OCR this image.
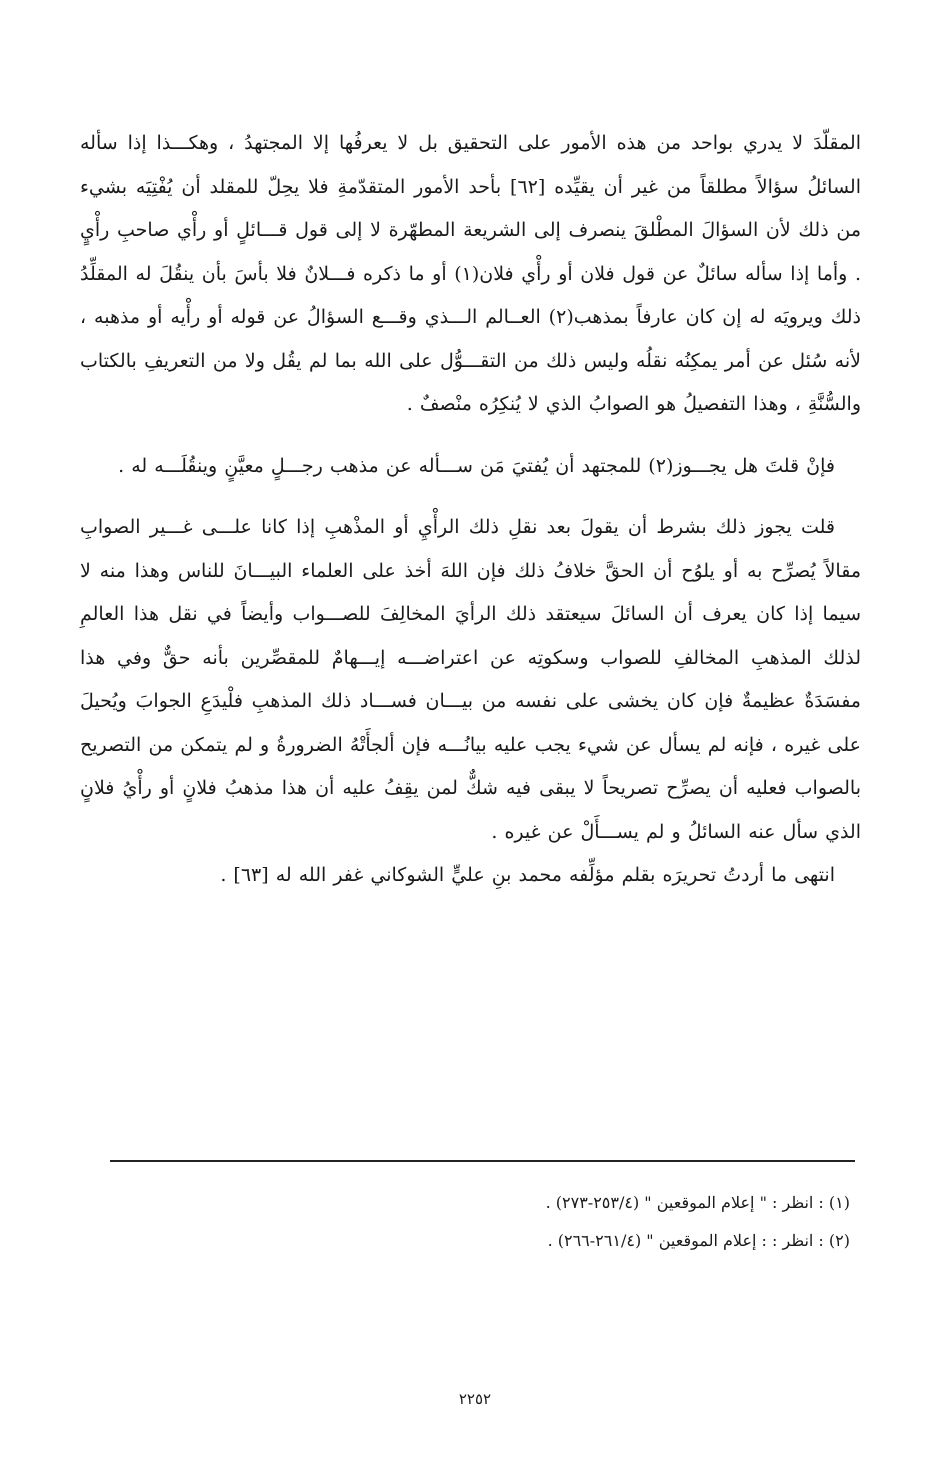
المقلّدَ لا يدري بواحد من هذه الأمور على التحقيق بل لا يعرفُها إلا المجتهدُ ، وهكـــذا إذا سأله السائلُ سؤالاً مطلقاً من غير أن يقيِّده [٦٢] بأحد الأمور المتقدّمةِ فلا يحِلّ للمقلد أن يُفْتِيَه بشيء من ذلك لأن السؤالَ المطْلقَ ينصرف إلى الشريعة المطهّرة لا إلى قول قـــائلٍ أو رأْي صاحبِ رأْيٍ . وأما إذا سأله سائلٌ عن قول فلان أو رأْي فلان(١) أو ما ذكره فـــلانٌ فلا بأسَ بأن ينقُلَ له المقلِّدُ ذلك ويرويَه له إن كان عارفاً بمذهب(٢) العــالم الـــذي وقـــع السؤالُ عن قوله أو رأْيه أو مذهبه ، لأنه سُئل عن أمر يمكِنُه نقلُه وليس ذلك من التقـــوُّل على الله بما لم يقُل ولا من التعريفِ بالكتاب والسُّنَّةِ ، وهذا التفصيلُ هو الصوابُ الذي لا يُنكِرُه منْصفٌ .

فإنْ قلتَ هل يجـــوز(٢) للمجتهد أن يُفتيَ مَن ســـأله عن مذهب رجـــلٍ معيَّنٍ وينقُلَـــه له .

قلت يجوز ذلك بشرط أن يقولَ بعد نقلِ ذلك الرأْيِ أو المذْهبِ إذا كانا علـــى غـــير الصوابِ مقالاً يُصرِّح به أو يلوُح أن الحقَّ خلافُ ذلك فإن اللهَ أخذ على العلماء البيـــانَ للناس وهذا منه لا سيما إذا كان يعرف أن السائلَ سيعتقد ذلك الرأيَ المخالِفَ للصـــواب وأيضاً في نقل هذا العالمِ لذلك المذهبِ المخالفِ للصواب وسكوتِه عن اعتراضـــه إيـــهامٌ للمقصِّرين بأنه حقٌّ وفي هذا مفسَدَةٌ عظيمةٌ فإن كان يخشى على نفسه من بيـــان فســـاد ذلك المذهبِ فلْيدَعِ الجوابَ ويُحيلَ على غيره ، فإنه لم يسأل عن شيء يجب عليه بيانُـــه فإن ألجأَتْهُ الضرورةُ و لم يتمكن من التصريح بالصواب فعليه أن يصرِّح تصريحاً لا يبقى فيه شكٌّ لمن يقِفُ عليه أن هذا مذهبُ فلانٍ أو رأْيُ فلانٍ الذي سأل عنه السائلُ و لم يســـأَلْ عن غيره .

انتهى ما أردتُ تحريرَه بقلم مؤلِّفه محمد بنِ عليٍّ الشوكاني غفر الله له [٦٣] .

(١) : انظر : " إعلام الموقعين " (٢٥٣/٤-٢٧٣) .

(٢) : انظر : : إعلام الموقعين " (٢٦١/٤-٢٦٦) .

٢٢٥٢
